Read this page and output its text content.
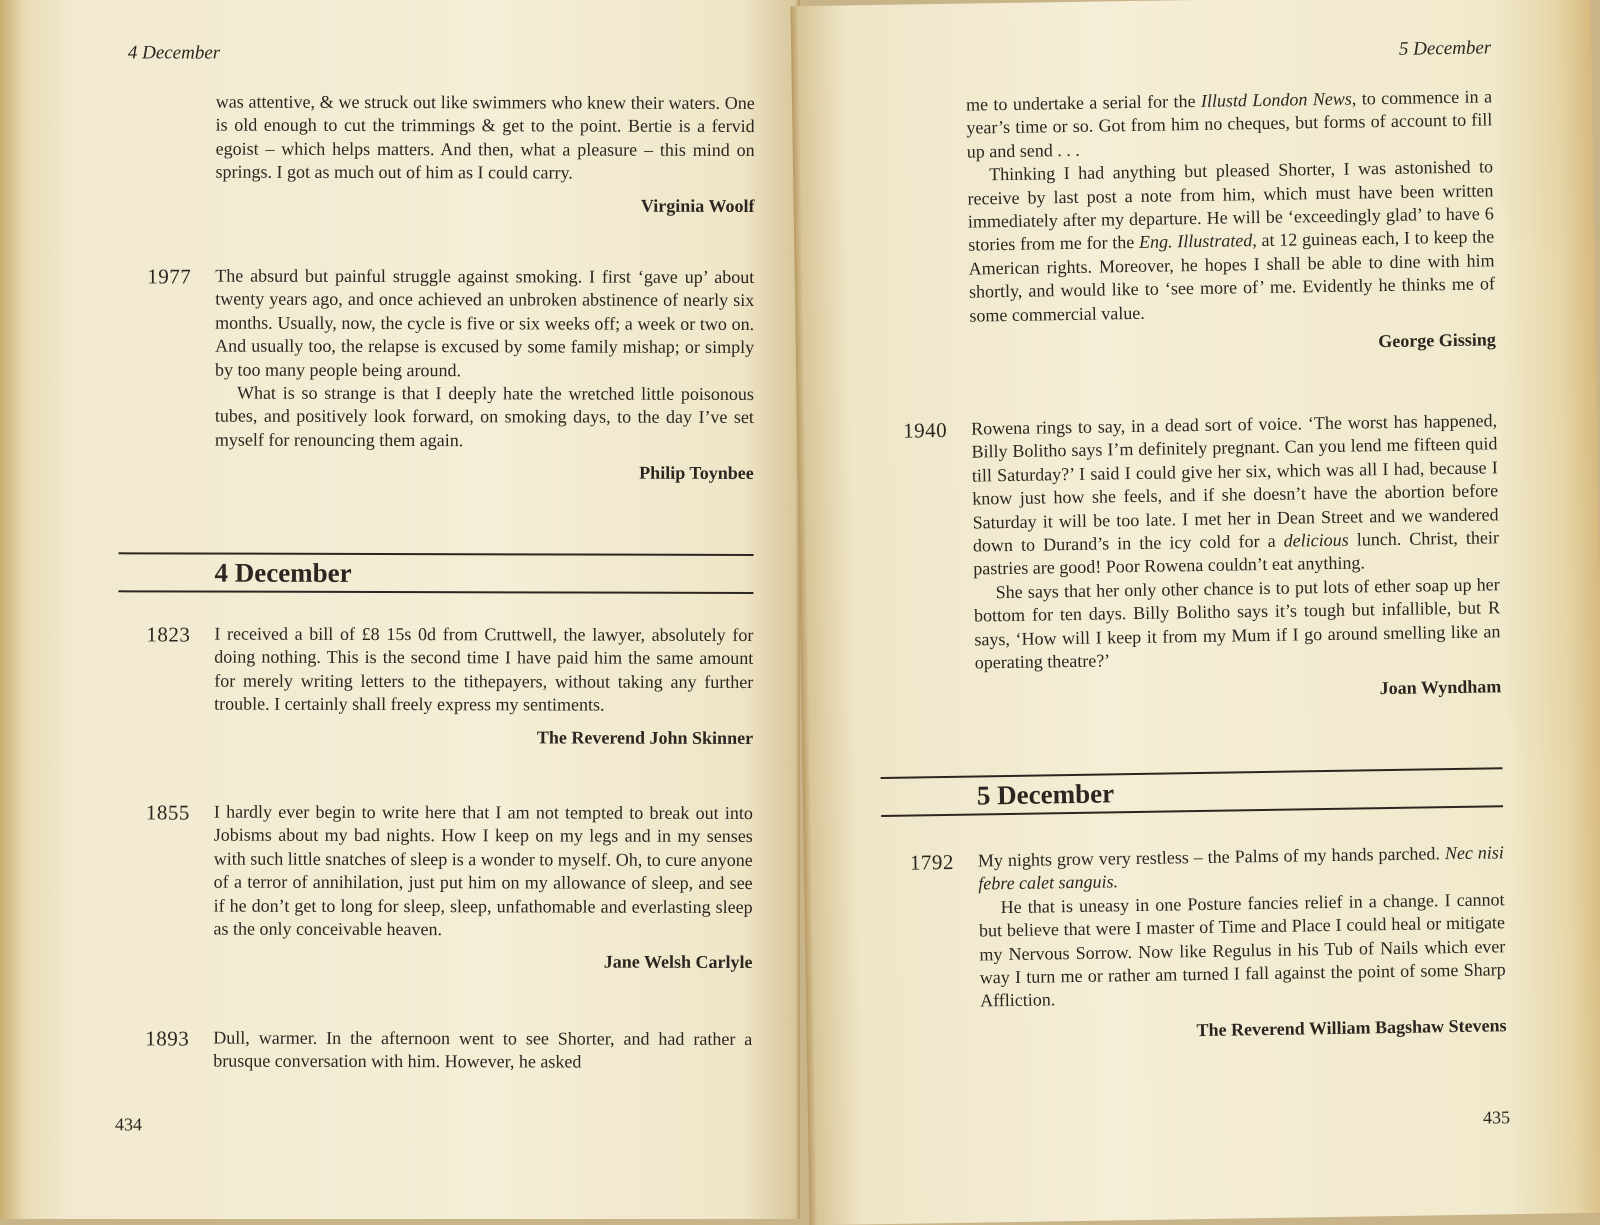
4 December

was attentive, & we struck out like swimmers who knew their waters. One is old enough to cut the trimmings & get to the point. Bertie is a fervid egoist – which helps matters. And then, what a pleasure – this mind on springs. I got as much out of him as I could carry.

Virginia Woolf

1977 The absurd but painful struggle against smoking. I first ‘gave up’ about twenty years ago, and once achieved an unbroken abstinence of nearly six months. Usually, now, the cycle is five or six weeks off; a week or two on. And usually too, the relapse is excused by some family mishap; or simply by too many people being around.

What is so strange is that I deeply hate the wretched little poisonous tubes, and positively look forward, on smoking days, to the day I’ve set myself for renouncing them again.

Philip Toynbee

4 December
1823 I received a bill of £8 15s 0d from Cruttwell, the lawyer, absolutely for doing nothing. This is the second time I have paid him the same amount for merely writing letters to the tithepayers, without taking any further trouble. I certainly shall freely express my sentiments.

The Reverend John Skinner

1855 I hardly ever begin to write here that I am not tempted to break out into Jobisms about my bad nights. How I keep on my legs and in my senses with such little snatches of sleep is a wonder to myself. Oh, to cure anyone of a terror of annihilation, just put him on my allowance of sleep, and see if he don’t get to long for sleep, sleep, unfathomable and everlasting sleep as the only conceivable heaven.

Jane Welsh Carlyle

1893 Dull, warmer. In the afternoon went to see Shorter, and had rather a brusque conversation with him. However, he asked

434
5 December

me to undertake a serial for the Illustd London News, to commence in a year’s time or so. Got from him no cheques, but forms of account to fill up and send . . .

Thinking I had anything but pleased Shorter, I was astonished to receive by last post a note from him, which must have been written immediately after my departure. He will be ‘exceedingly glad’ to have 6 stories from me for the Eng. Illustrated, at 12 guineas each, I to keep the American rights. Moreover, he hopes I shall be able to dine with him shortly, and would like to ‘see more of’ me. Evidently he thinks me of some commercial value.

George Gissing

1940 Rowena rings to say, in a dead sort of voice. ‘The worst has happened, Billy Bolitho says I’m definitely pregnant. Can you lend me fifteen quid till Saturday?’ I said I could give her six, which was all I had, because I know just how she feels, and if she doesn’t have the abortion before Saturday it will be too late. I met her in Dean Street and we wandered down to Durand’s in the icy cold for a delicious lunch. Christ, their pastries are good! Poor Rowena couldn’t eat anything.

She says that her only other chance is to put lots of ether soap up her bottom for ten days. Billy Bolitho says it’s tough but infallible, but R says, ‘How will I keep it from my Mum if I go around smelling like an operating theatre?’

Joan Wyndham

5 December
1792 My nights grow very restless – the Palms of my hands parched. Nec nisi febre calet sanguis.

He that is uneasy in one Posture fancies relief in a change. I cannot but believe that were I master of Time and Place I could heal or mitigate my Nervous Sorrow. Now like Regulus in his Tub of Nails which ever way I turn me or rather am turned I fall against the point of some Sharp Affliction.

The Reverend William Bagshaw Stevens

435
